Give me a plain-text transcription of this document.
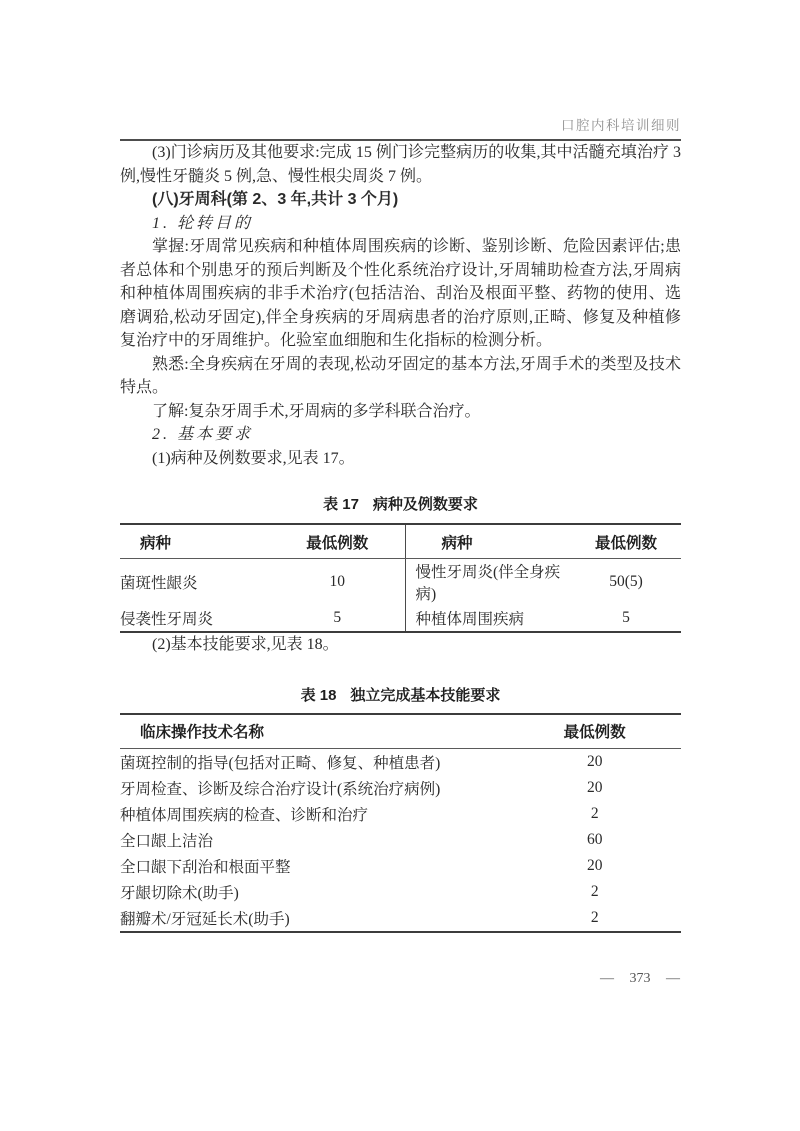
口腔内科培训细则

(3)门诊病历及其他要求:完成 15 例门诊完整病历的收集,其中活髓充填治疗 3 例,慢性牙髓炎 5 例,急、慢性根尖周炎 7 例。

(八)牙周科(第 2、3 年,共计 3 个月)

1. 轮转目的

掌握:牙周常见疾病和种植体周围疾病的诊断、鉴别诊断、危险因素评估;患者总体和个别患牙的预后判断及个性化系统治疗设计,牙周辅助检查方法,牙周病和种植体周围疾病的非手术治疗(包括洁治、刮治及根面平整、药物的使用、选磨调𬌗,松动牙固定),伴全身疾病的牙周病患者的治疗原则,正畸、修复及种植修复治疗中的牙周维护。化验室血细胞和生化指标的检测分析。

熟悉:全身疾病在牙周的表现,松动牙固定的基本方法,牙周手术的类型及技术特点。

了解:复杂牙周手术,牙周病的多学科联合治疗。

2. 基本要求

(1)病种及例数要求,见表 17。

表 17 病种及例数要求
病种	最低例数	病种	最低例数
菌斑性龈炎	10	慢性牙周炎(伴全身疾病)	50(5)
侵袭性牙周炎	5	种植体周围疾病	5

(2)基本技能要求,见表 18。

表 18 独立完成基本技能要求
临床操作技术名称	最低例数
菌斑控制的指导(包括对正畸、修复、种植患者)	20
牙周检查、诊断及综合治疗设计(系统治疗病例)	20
种植体周围疾病的检查、诊断和治疗	2
全口龈上洁治	60
全口龈下刮治和根面平整	20
牙龈切除术(助手)	2
翻瓣术/牙冠延长术(助手)	2
— 373 —
